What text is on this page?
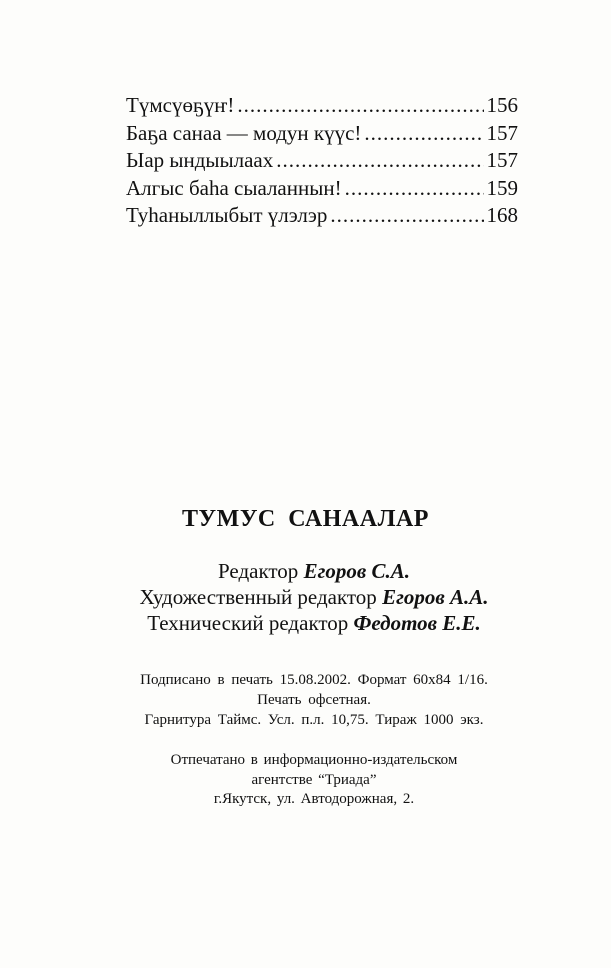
Түмсүөҕүҥ! .....	156
Баҕа санаа — модун күүс! .....	157
Ыар ындыылаах .....	157
Алгыс баһа сыаланнын! .....	159
Туһаныллыбыт үлэлэр .....	168
ТУМУС САНААЛАР
Редактор Егоров С.А.
Художественный редактор Егоров А.А.
Технический редактор Федотов Е.Е.
Подписано в печать 15.08.2002. Формат 60х84 1/16.
Печать офсетная.
Гарнитура Таймс. Усл. п.л. 10,75. Тираж 1000 экз.
Отпечатано в информационно-издательском
агентстве “Триада”
г.Якутск, ул. Автодорожная, 2.
